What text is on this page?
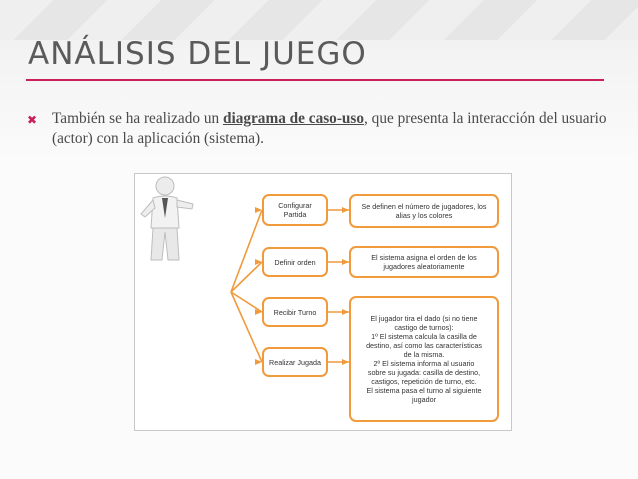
ANÁLISIS DEL JUEGO
✖ También se ha realizado un diagrama de caso-uso, que presenta la interacción del usuario (actor) con la aplicación (sistema).
Configurar
Partida
Definir orden
Recibir Turno
Realizar Jugada
Se definen el número de jugadores, los
alias y los colores
El sistema asigna el orden de los
jugadores aleatoriamente
El jugador tira el dado (si no tiene
castigo de turnos):
1º El sistema calcula la casilla de
destino, así como las características
de la misma.
2º El sistema informa al usuario
sobre su jugada: casilla de destino,
castigos, repetición de turno, etc.
El sistema pasa el turno al siguiente
jugador
